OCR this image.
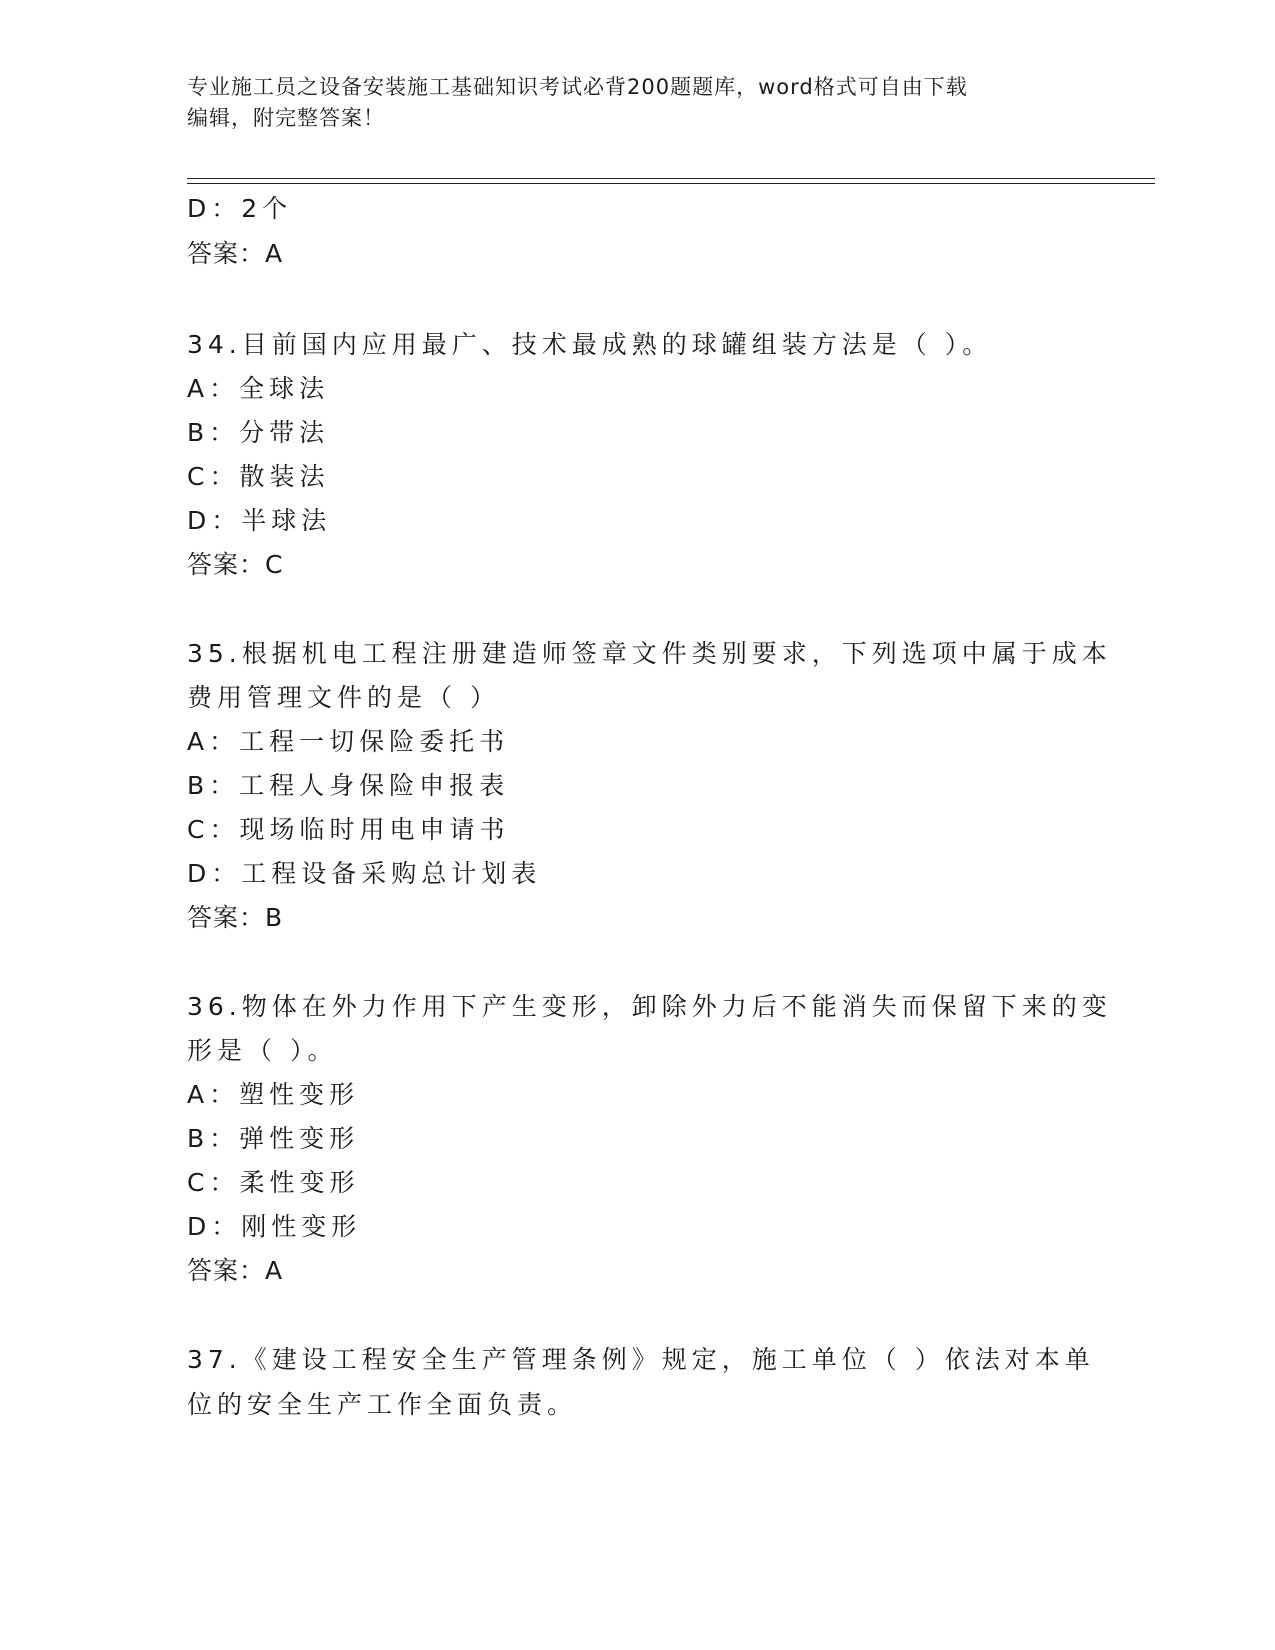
专业施工员之设备安装施工基础知识考试必背200题题库，word格式可自由下载
编辑，附完整答案！
D：2个
答案：A
34.目前国内应用最广、技术最成熟的球罐组装方法是（ ）。
A：全球法
B：分带法
C：散装法
D：半球法
答案：C
35.根据机电工程注册建造师签章文件类别要求，下列选项中属于成本
费用管理文件的是（ ）
A：工程一切保险委托书
B：工程人身保险申报表
C：现场临时用电申请书
D：工程设备采购总计划表
答案：B
36.物体在外力作用下产生变形，卸除外力后不能消失而保留下来的变
形是（ ）。
A：塑性变形
B：弹性变形
C：柔性变形
D：刚性变形
答案：A
37.《建设工程安全生产管理条例》规定，施工单位（ ）依法对本单
位的安全生产工作全面负责。
